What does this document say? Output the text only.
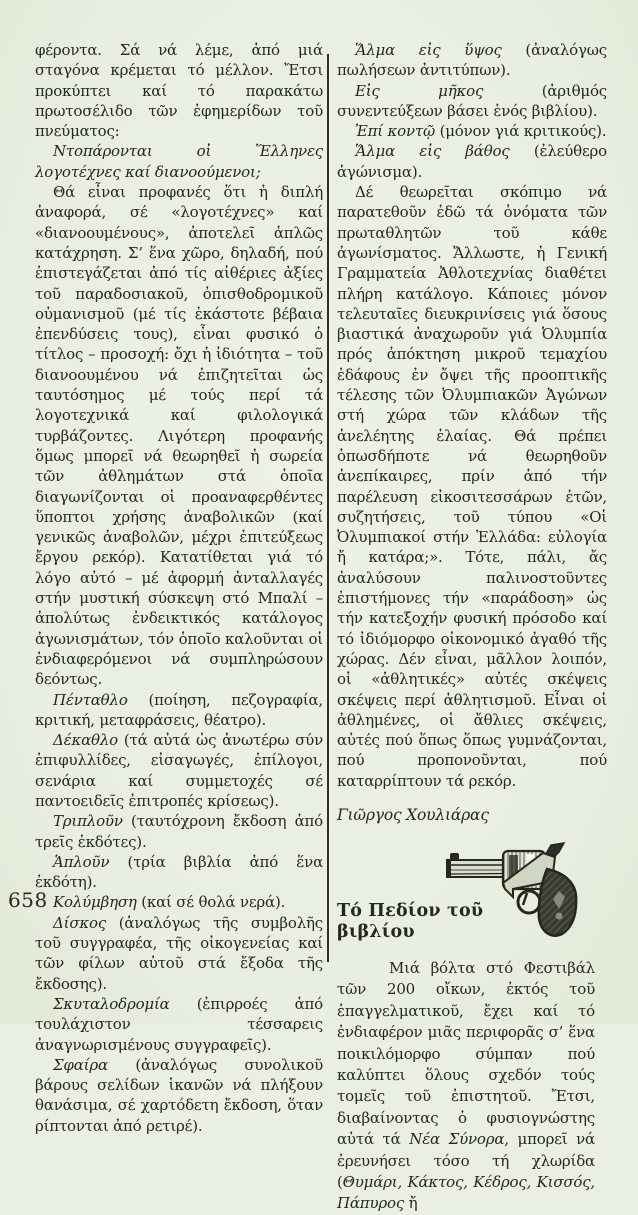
φέροντα. Σά νά λέμε, ἀπό μιά σταγόνα κρέμεται τό μέλλον. Ἔτσι προκύπτει καί τό παρακάτω πρωτοσέλιδο τῶν ἐφημερίδων τοῦ πνεύματος:

Ντοπάρονται οἱ Ἕλληνες λογοτέχνες καί διανοούμενοι;

Θά εἶναι προφανές ὅτι ἡ διπλή ἀναφορά, σέ «λογοτέχνες» καί «διανοουμένους», ἀποτελεῖ ἁπλῶς κατάχρηση. Σ’ ἕνα χῶρο, δηλαδή, πού ἐπιστεγάζεται ἀπό τίς αἰθέριες ἀξίες τοῦ παραδοσιακοῦ, ὀπισθοδρομικοῦ οὐμανισμοῦ (μέ τίς ἑκάστοτε βέβαια ἐπενδύσεις τους), εἶναι φυσικό ὁ τίτλος – προσοχή: ὄχι ἡ ἰδιότητα – τοῦ διανοουμένου νά ἐπιζητεῖται ὡς ταυτόσημος μέ τούς περί τά λογοτεχνικά καί φιλολογικά τυρβάζοντες. Λιγότερη προφανής ὅμως μπορεῖ νά θεωρηθεῖ ἡ σωρεία τῶν ἀθλημάτων στά ὁποῖα διαγωνίζονται οἱ προαναφερθέντες ὕποπτοι χρήσης ἀναβολικῶν (καί γενικῶς ἀναβολῶν, μέχρι ἐπιτεύξεως ἔργου ρεκόρ). Κατατίθεται γιά τό λόγο αὐτό – μέ ἀφορμή ἀνταλλαγές στήν μυστική σύσκεψη στό Μπαλί – ἀπολύτως ἐνδεικτικός κατάλογος ἀγωνισμάτων, τόν ὁποῖο καλοῦνται οἱ ἐνδιαφερόμενοι νά συμπληρώσουν δεόντως.

Πένταθλο (ποίηση, πεζογραφία, κριτική, μεταφράσεις, θέατρο).

Δέκαθλο (τά αὐτά ὡς ἀνωτέρω σύν ἐπιφυλλίδες, εἰσαγωγές, ἐπίλογοι, σενάρια καί συμμετοχές σέ παντοειδεῖς ἐπιτροπές κρίσεως).

Τριπλοῦν (ταυτόχρονη ἔκδοση ἀπό τρεῖς ἐκδότες).

Ἁπλοῦν (τρία βιβλία ἀπό ἕνα ἐκδότη).

Κολύμβηση (καί σέ θολά νερά).

Δίσκος (ἀναλόγως τῆς συμβολῆς τοῦ συγγραφέα, τῆς οἰκογενείας καί τῶν φίλων αὐτοῦ στά ἔξοδα τῆς ἔκδοσης).

Σκυταλοδρομία (ἐπιρροές ἀπό τουλάχιστον τέσσαρεις ἀναγνωρισμένους συγγραφεῖς).

Σφαίρα (ἀναλόγως συνολικοῦ βάρους σελίδων ἱκανῶν νά πλήξουν θανάσιμα, σέ χαρτόδετη ἔκδοση, ὅταν ρίπτονται ἀπό ρετιρέ).

Ἅλμα εἰς ὕψος (ἀναλόγως πωλήσεων ἀντιτύπων).

Εἰς μῆκος (ἀριθμός συνεντεύξεων βάσει ἑνός βιβλίου).

Ἐπί κοντῷ (μόνον γιά κριτικούς).

Ἅλμα εἰς βάθος (ἐλεύθερο ἀγώνισμα).

Δέ θεωρεῖται σκόπιμο νά παρατεθοῦν ἐδῶ τά ὀνόματα τῶν πρωταθλητῶν τοῦ κάθε ἀγωνίσματος. Ἄλλωστε, ἡ Γενική Γραμματεία Ἀθλοτεχνίας διαθέτει πλήρη κατάλογο. Κάποιες μόνον τελευταῖες διευκρινίσεις γιά ὅσους βιαστικά ἀναχωροῦν γιά Ὀλυμπία πρός ἀπόκτηση μικροῦ τεμαχίου ἐδάφους ἐν ὄψει τῆς προοπτικῆς τέλεσης τῶν Ὀλυμπιακῶν Ἀγώνων στή χώρα τῶν κλάδων τῆς ἀνελέητης ἐλαίας. Θά πρέπει ὁπωσδήποτε νά θεωρηθοῦν ἀνεπίκαιρες, πρίν ἀπό τήν παρέλευση εἰκοσιτεσσάρων ἐτῶν, συζητήσεις, τοῦ τύπου «Οἱ Ὀλυμπιακοί στήν Ἑλλάδα: εὐλογία ἤ κατάρα;». Τότε, πάλι, ἄς ἀναλύσουν παλινοστοῦντες ἐπιστήμονες τήν «παράδοση» ὡς τήν κατεξοχήν φυσική πρόσοδο καί τό ἰδιόμορφο οἰκονομικό ἀγαθό τῆς χώρας. Δέν εἶναι, μᾶλλον λοιπόν, οἱ «ἀθλητικές» αὐτές σκέψεις σκέψεις περί ἀθλητισμοῦ. Εἶναι οἱ ἀθλημένες, οἱ ἄθλιες σκέψεις, αὐτές πού ὅπως ὅπως γυμνάζονται, πού προπονοῦνται, πού καταρρίπτουν τά ρεκόρ.

Γιῶργος Χουλιάρας

Τό Πεδίον τοῦ βιβλίου

Μιά βόλτα στό Φεστιβάλ τῶν 200 οἴκων, ἐκτός τοῦ ἐπαγγελματικοῦ, ἔχει καί τό ἐνδιαφέρον μιᾶς περιφορᾶς σ’ ἕνα ποικιλόμορφο σύμπαν πού καλύπτει ὅλους σχεδόν τούς τομεῖς τοῦ ἐπιστητοῦ. Ἔτσι, διαβαίνοντας ὁ φυσιογνώστης αὐτά τά Νέα Σύνορα, μπορεῖ νά ἐρευνήσει τόσο τή χλωρίδα (Θυμάρι, Κάκτος, Κέδρος, Κισσός, Πάπυρος ἤ

658
